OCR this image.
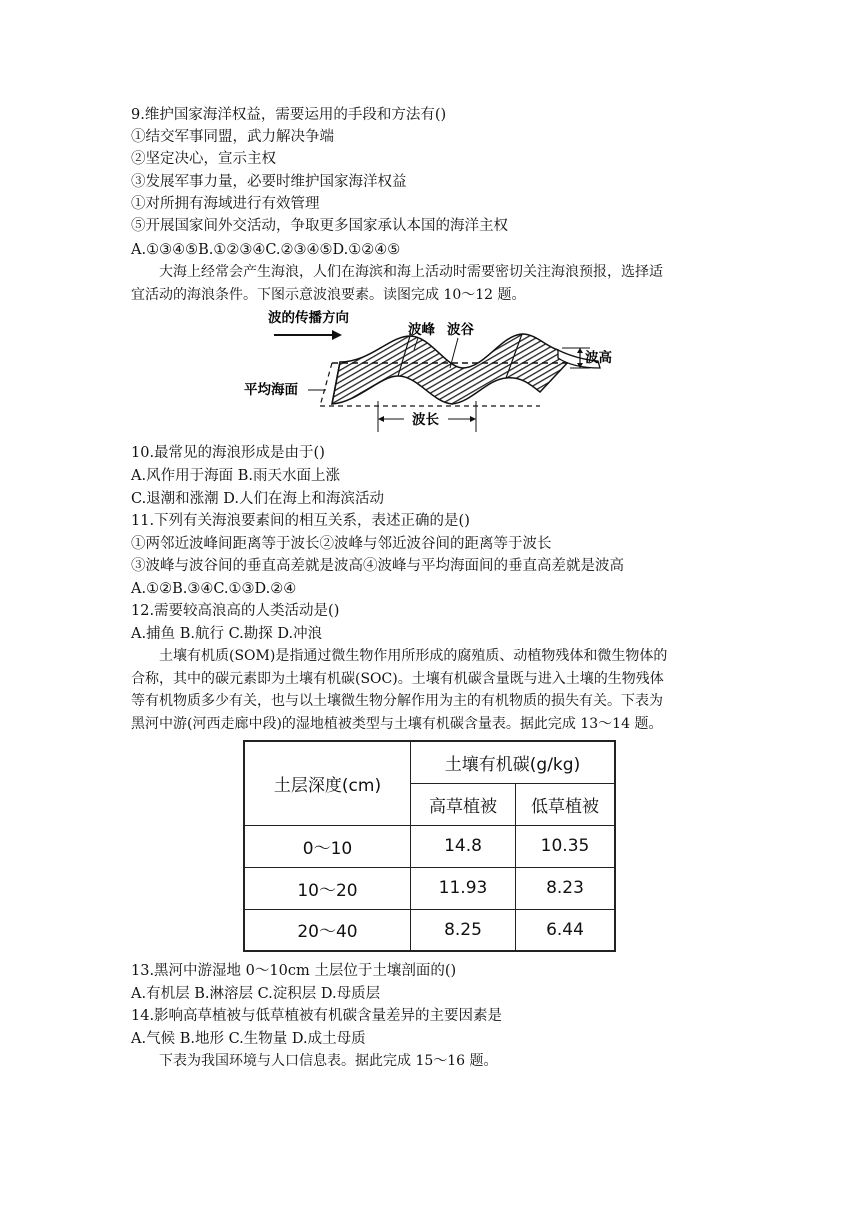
9.维护国家海洋权益，需要运用的手段和方法有()
①结交军事同盟，武力解决争端
②坚定决心，宣示主权
③发展军事力量，必要时维护国家海洋权益
①对所拥有海域进行有效管理
⑤开展国家间外交活动，争取更多国家承认本国的海洋主权
A.①③④⑤B.①②③④C.②③④⑤D.①②④⑤
大海上经常会产生海浪，人们在海滨和海上活动时需要密切关注海浪预报，选择适
宜活动的海浪条件。下图示意波浪要素。读图完成 10～12 题。
波的传播方向
波峰 波谷
波高
平均海面
波长
10.最常见的海浪形成是由于()
A.风作用于海面 B.雨天水面上涨
C.退潮和涨潮 D.人们在海上和海滨活动
11.下列有关海浪要素间的相互关系，表述正确的是()
①两邻近波峰间距离等于波长②波峰与邻近波谷间的距离等于波长
③波峰与波谷间的垂直高差就是波高④波峰与平均海面间的垂直高差就是波高
A.①②B.③④C.①③D.②④
12.需要较高浪高的人类活动是()
A.捕鱼 B.航行 C.勘探 D.冲浪
土壤有机质(SOM)是指通过微生物作用所形成的腐殖质、动植物残体和微生物体的
合称，其中的碳元素即为土壤有机碳(SOC)。土壤有机碳含量既与进入土壤的生物残体
等有机物质多少有关，也与以土壤微生物分解作用为主的有机物质的损失有关。下表为
黑河中游(河西走廊中段)的湿地植被类型与土壤有机碳含量表。据此完成 13～14 题。
土层深度(cm)	土壤有机碳(g/kg)	
	高草植被	低草植被
0～10	14.8	10.35
10～20	11.93	8.23
20～40	8.25	6.44
13.黑河中游湿地 0～10cm 土层位于土壤剖面的()
A.有机层 B.淋溶层 C.淀积层 D.母质层
14.影响高草植被与低草植被有机碳含量差异的主要因素是
A.气候 B.地形 C.生物量 D.成土母质
下表为我国环境与人口信息表。据此完成 15～16 题。
